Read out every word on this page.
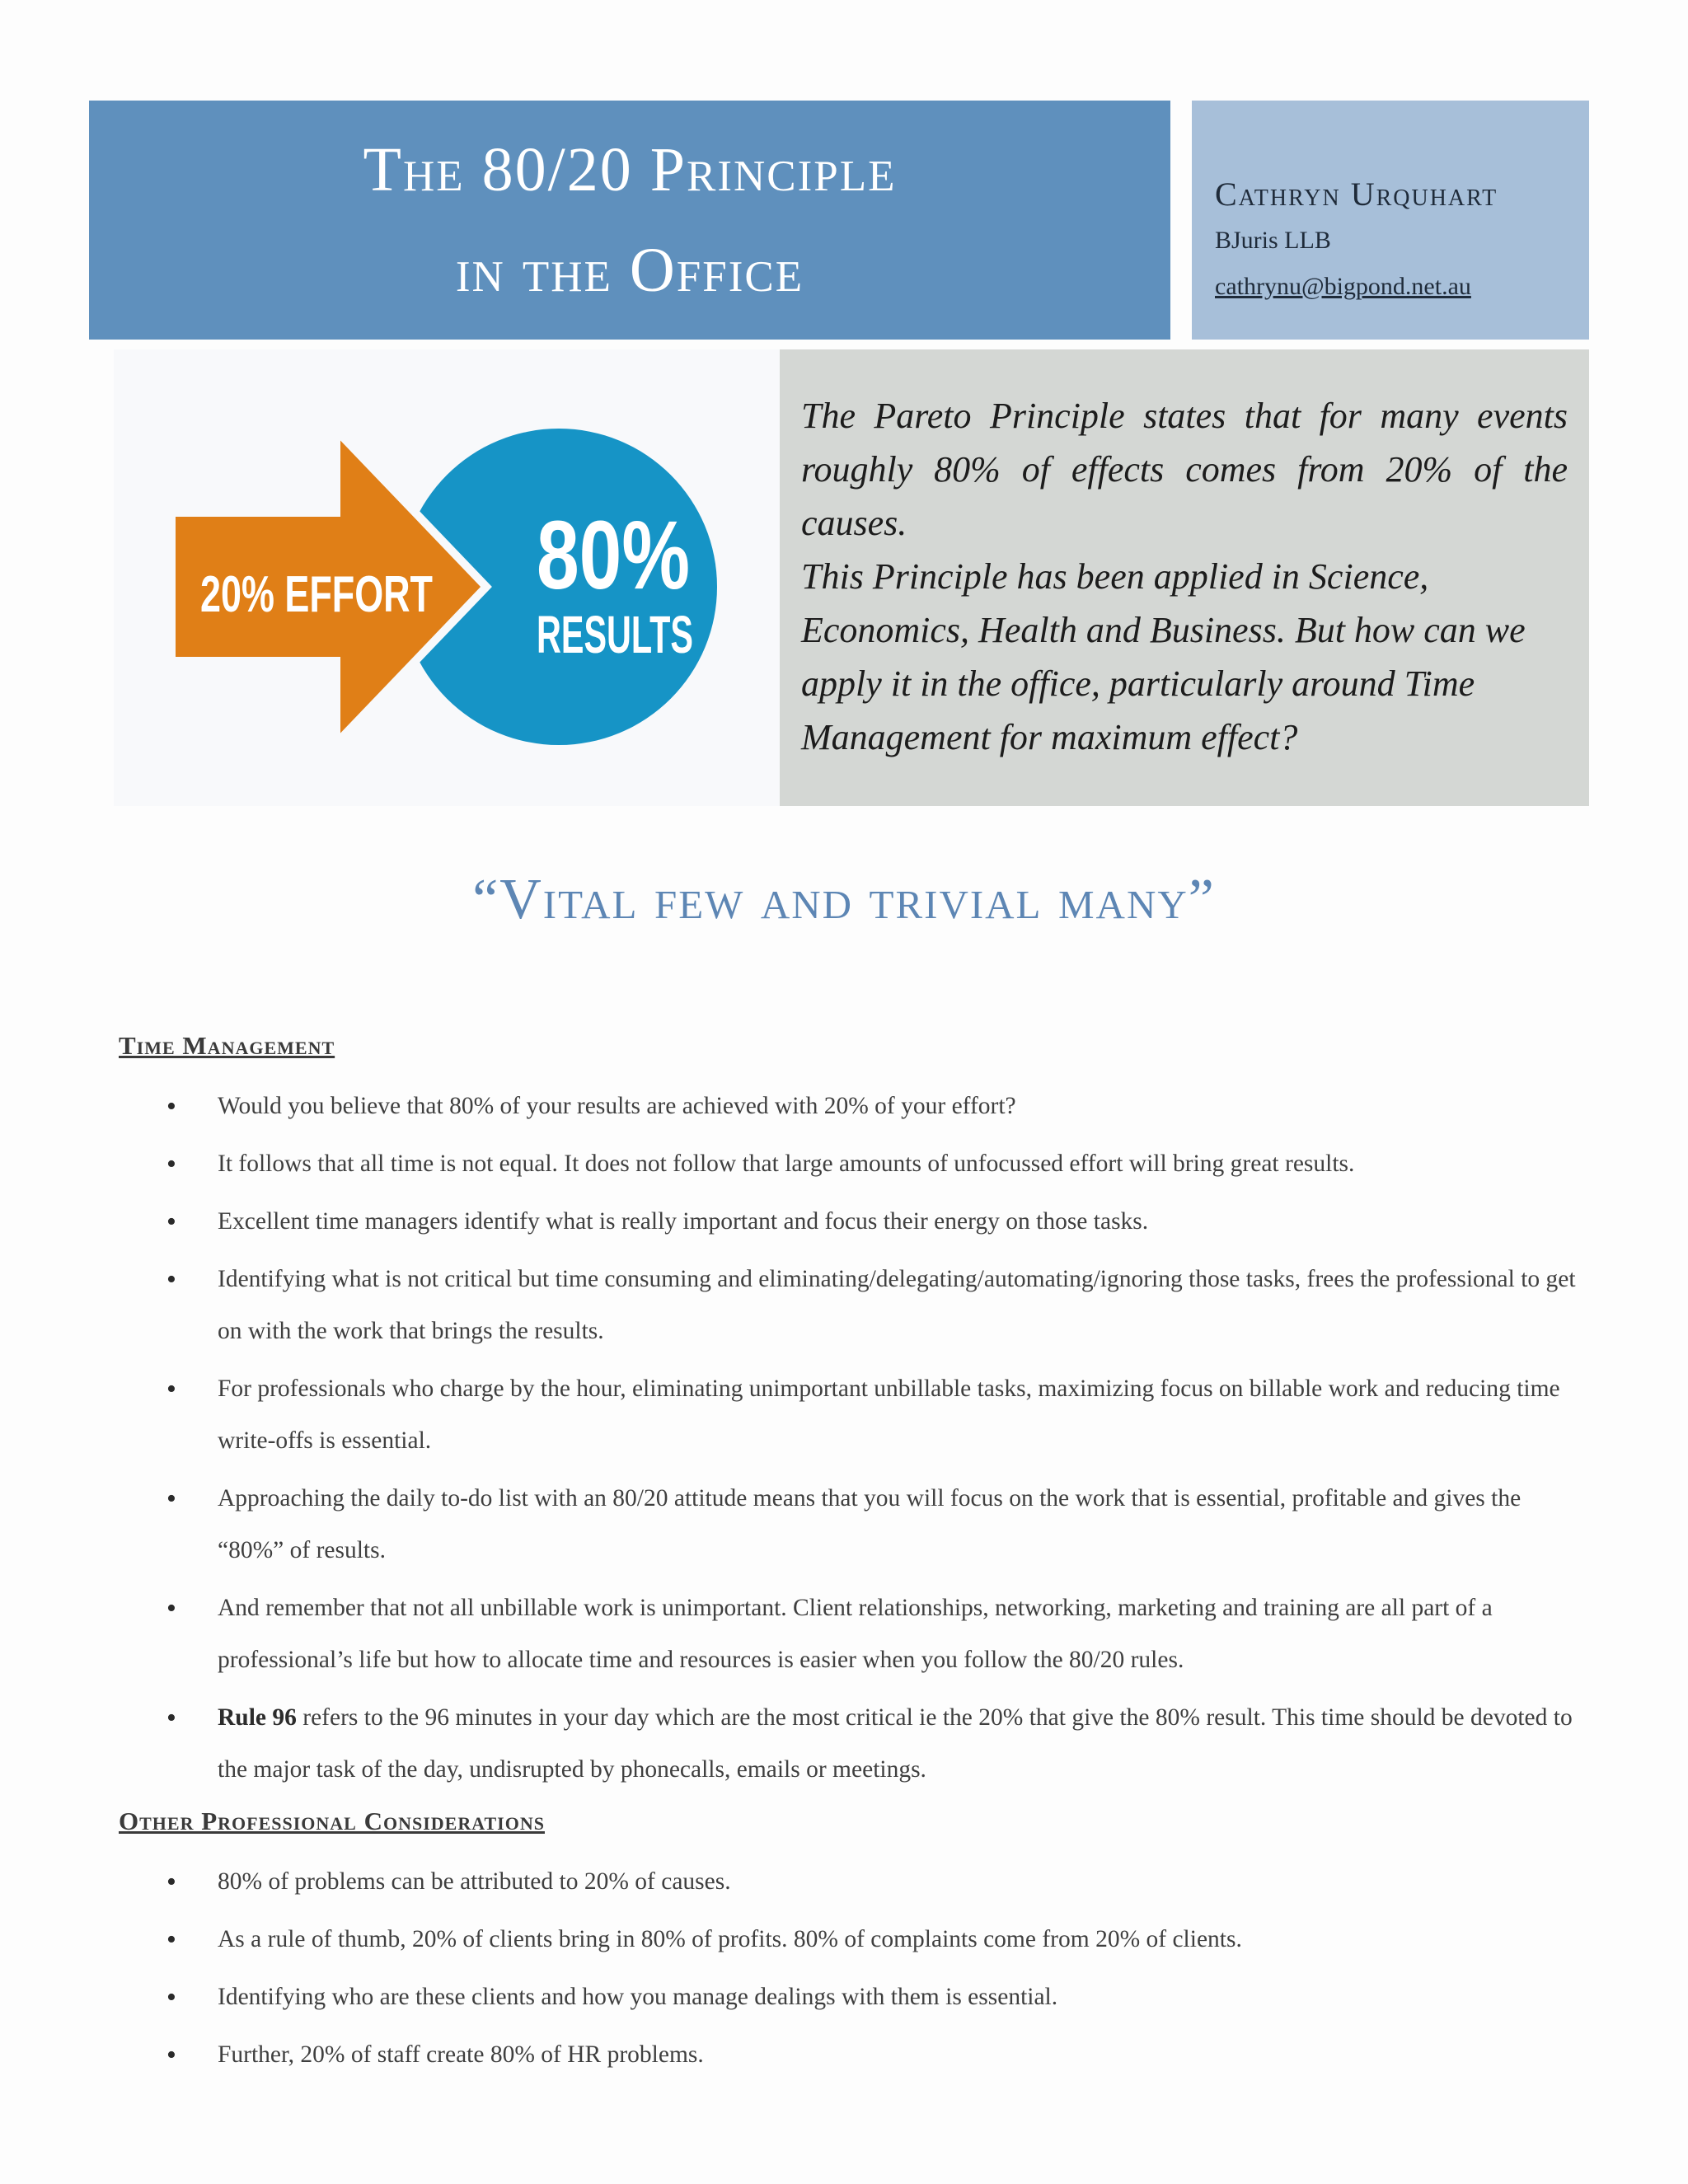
The 80/20 Principle
in the Office
Cathryn Urquhart
BJuris LLB
cathrynu@bigpond.net.au
20% EFFORT 80%
RESULTS

The Pareto Principle states that for many events roughly 80% of effects comes from 20% of the causes.

This Principle has been applied in Science, Economics, Health and Business. But how can we apply it in the office, particularly around Time Management for maximum effect?

“Vital few and trivial many”
Time Management
• Would you believe that 80% of your results are achieved with 20% of your effort?
• It follows that all time is not equal. It does not follow that large amounts of unfocussed effort will bring great results.
• Excellent time managers identify what is really important and focus their energy on those tasks.
• Identifying what is not critical but time consuming and eliminating/delegating/automating/ignoring those tasks, frees the professional to get on with the work that brings the results.
• For professionals who charge by the hour, eliminating unimportant unbillable tasks, maximizing focus on billable work and reducing time write-offs is essential.
• Approaching the daily to-do list with an 80/20 attitude means that you will focus on the work that is essential, profitable and gives the “80%” of results.
• And remember that not all unbillable work is unimportant. Client relationships, networking, marketing and training are all part of a professional’s life but how to allocate time and resources is easier when you follow the 80/20 rules.
• Rule 96 refers to the 96 minutes in your day which are the most critical ie the 20% that give the 80% result. This time should be devoted to the major task of the day, undisrupted by phonecalls, emails or meetings.
Other Professional Considerations
• 80% of problems can be attributed to 20% of causes.
• As a rule of thumb, 20% of clients bring in 80% of profits. 80% of complaints come from 20% of clients.
• Identifying who are these clients and how you manage dealings with them is essential.
• Further, 20% of staff create 80% of HR problems.
